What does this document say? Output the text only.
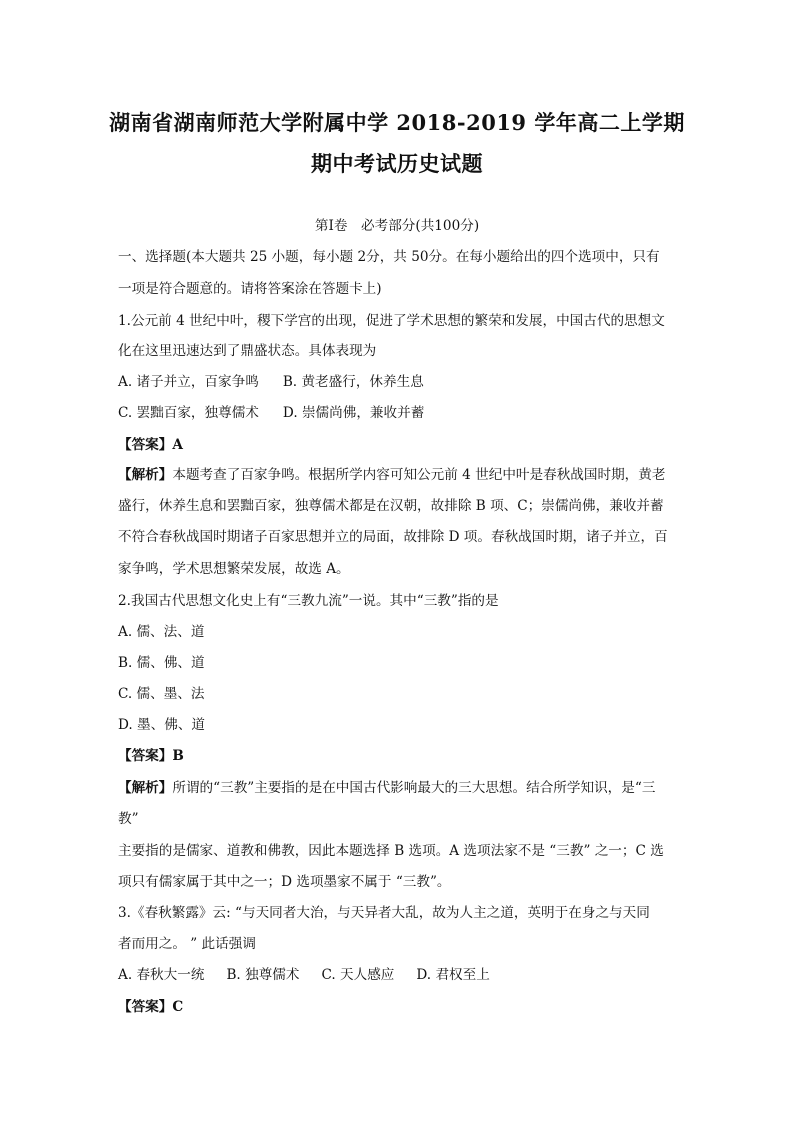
湖南省湖南师范大学附属中学 2018-2019 学年高二上学期
期中考试历史试题
第Ⅰ卷　必考部分(共100分)
一、选择题(本大题共 25 小题，每小题 2分，共 50分。在每小题给出的四个选项中，只有
一项是符合题意的。请将答案涂在答题卡上)
1.公元前 4 世纪中叶，稷下学宫的出现，促进了学术思想的繁荣和发展，中国古代的思想文
化在这里迅速达到了鼎盛状态。具体表现为
A. 诸子并立，百家争鸣 B. 黄老盛行，休养生息
C. 罢黜百家，独尊儒术 D. 崇儒尚佛，兼收并蓄
【答案】A
【解析】本题考查了百家争鸣。根据所学内容可知公元前 4 世纪中叶是春秋战国时期，黄老
盛行，休养生息和罢黜百家，独尊儒术都是在汉朝，故排除 B 项、C；崇儒尚佛，兼收并蓄
不符合春秋战国时期诸子百家思想并立的局面，故排除 D 项。春秋战国时期，诸子并立，百
家争鸣，学术思想繁荣发展，故选 A。
2.我国古代思想文化史上有“三教九流”一说。其中“三教”指的是
A. 儒、法、道
B. 儒、佛、道
C. 儒、墨、法
D. 墨、佛、道
【答案】B
【解析】所谓的“三教”主要指的是在中国古代影响最大的三大思想。结合所学知识，是“三
教”
主要指的是儒家、道教和佛教，因此本题选择 B 选项。A 选项法家不是 “三教” 之一；C 选
项只有儒家属于其中之一；D 选项墨家不属于 “三教”。
3.《春秋繁露》云: “与天同者大治，与天异者大乱，故为人主之道，英明于在身之与天同
者而用之。 ” 此话强调
A. 春秋大一统 B. 独尊儒术 C. 天人感应 D. 君权至上
【答案】C
